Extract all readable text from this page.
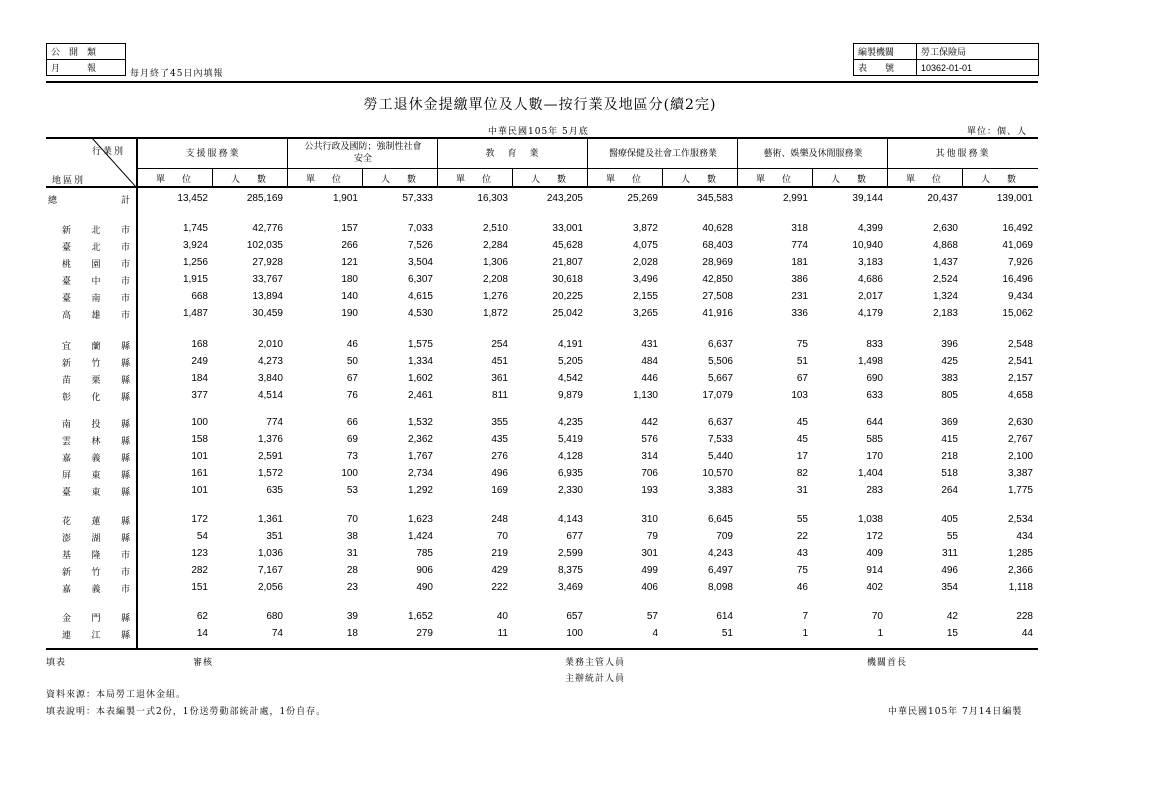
公　開　類
月　　　報	每月終了45日內填報
編製機關	勞工保險局
表　　號	10362-01-01
勞工退休金提繳單位及人數—按行業及地區分(續2完)
中華民國105年 5月底	單位：個、人
行業別
地區別
支援服務業
單　位	人　數
公共行政及國防；強制性社會安全
單　位	人　數
教　育　業
單　位	人　數
醫療保健及社會工作服務業
單　位	人　數
藝術、娛樂及休閒服務業
單　位	人　數
其他服務業
單　位	人　數
總	計	13,452	285,169	1,901	57,333	16,303	243,205	25,269	345,583	2,991	39,144	20,437	139,001
新 北 市	1,745	42,776	157	7,033	2,510	33,001	3,872	40,628	318	4,399	2,630	16,492
臺 北 市	3,924	102,035	266	7,526	2,284	45,628	4,075	68,403	774	10,940	4,868	41,069
桃 園 市	1,256	27,928	121	3,504	1,306	21,807	2,028	28,969	181	3,183	1,437	7,926
臺 中 市	1,915	33,767	180	6,307	2,208	30,618	3,496	42,850	386	4,686	2,524	16,496
臺 南 市	668	13,894	140	4,615	1,276	20,225	2,155	27,508	231	2,017	1,324	9,434
高 雄 市	1,487	30,459	190	4,530	1,872	25,042	3,265	41,916	336	4,179	2,183	15,062
宜 蘭 縣	168	2,010	46	1,575	254	4,191	431	6,637	75	833	396	2,548
新 竹 縣	249	4,273	50	1,334	451	5,205	484	5,506	51	1,498	425	2,541
苗 栗 縣	184	3,840	67	1,602	361	4,542	446	5,667	67	690	383	2,157
彰 化 縣	377	4,514	76	2,461	811	9,879	1,130	17,079	103	633	805	4,658
南 投 縣	100	774	66	1,532	355	4,235	442	6,637	45	644	369	2,630
雲 林 縣	158	1,376	69	2,362	435	5,419	576	7,533	45	585	415	2,767
嘉 義 縣	101	2,591	73	1,767	276	4,128	314	5,440	17	170	218	2,100
屏 東 縣	161	1,572	100	2,734	496	6,935	706	10,570	82	1,404	518	3,387
臺 東 縣	101	635	53	1,292	169	2,330	193	3,383	31	283	264	1,775
花 蓮 縣	172	1,361	70	1,623	248	4,143	310	6,645	55	1,038	405	2,534
澎 湖 縣	54	351	38	1,424	70	677	79	709	22	172	55	434
基 隆 市	123	1,036	31	785	219	2,599	301	4,243	43	409	311	1,285
新 竹 市	282	7,167	28	906	429	8,375	499	6,497	75	914	496	2,366
嘉 義 市	151	2,056	23	490	222	3,469	406	8,098	46	402	354	1,118
金 門 縣	62	680	39	1,652	40	657	57	614	7	70	42	228
連 江 縣	14	74	18	279	11	100	4	51	1	1	15	44
填表	審核	業務主管人員
主辦統計人員
機關首長
資料來源：本局勞工退休金組。
填表說明：本表編製一式2份，1份送勞動部統計處，1份自存。	中華民國105年 7月14日編製
